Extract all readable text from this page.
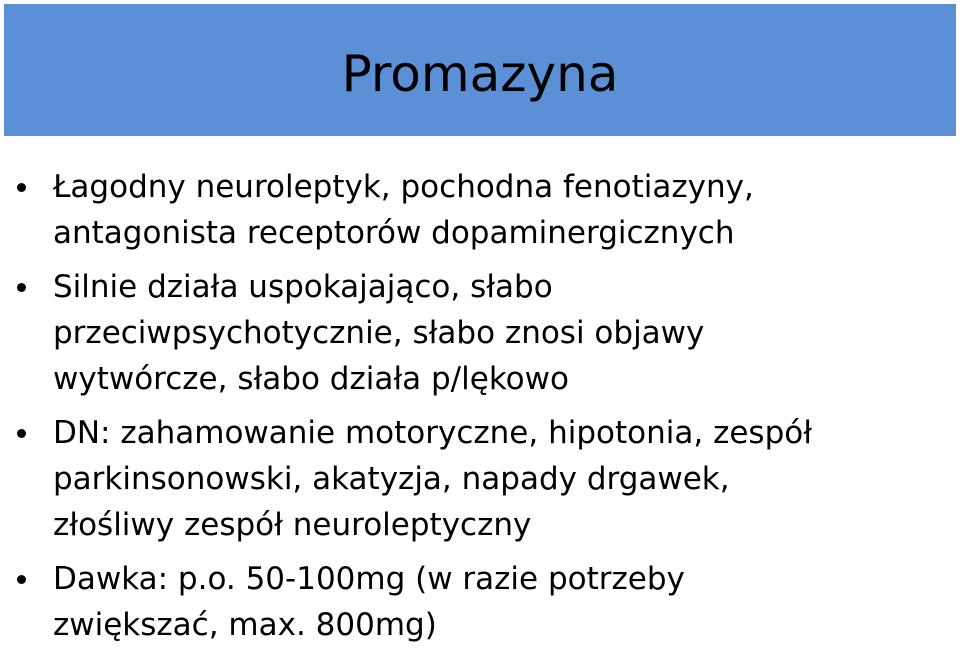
Promazyna
Łagodny neuroleptyk, pochodna fenotiazyny,
antagonista receptorów dopaminergicznych
Silnie działa uspokajająco, słabo
przeciwpsychotycznie, słabo znosi objawy
wytwórcze, słabo działa p/lękowo
DN: zahamowanie motoryczne, hipotonia, zespół
parkinsonowski, akatyzja, napady drgawek,
złośliwy zespół neuroleptyczny
Dawka: p.o. 50-100mg (w razie potrzeby
zwiększać, max. 800mg)
